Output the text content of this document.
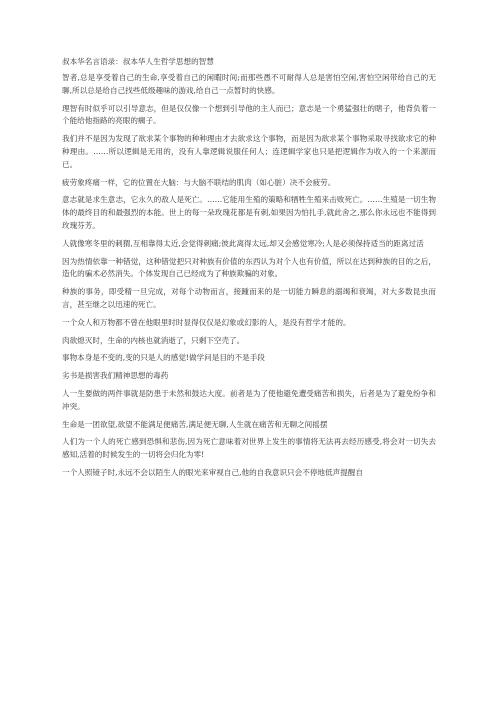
叔本华名言语录：叔本华人生哲学思想的智慧
智者,总是享受着自己的生命,享受着自己的闲暇时间;而那些愚不可耐得人总是害怕空闲,害怕空闲带给自己的无聊,所以总是给自己找些低级趣味的游戏,给自己一点暂时的快感。
理智有时似乎可以引导意志，但是仅仅像一个想到引导他的主人而已；意志是一个勇猛强壮的瞎子，他背负着一个能给他指路的亮眼的瘸子。
我们并不是因为发现了欲求某个事物的种种理由才去欲求这个事物，而是因为欲求某个事物采取寻找欲求它的种种理由。……所以逻辑是无用的，没有人靠逻辑说服任何人；连逻辑学家也只是把逻辑作为收入的一个来源而已。
疲劳象疼痛一样，它的位置在大脑：与大脑不联结的肌肉（如心脏）决不会疲劳。
意志就是求生意志，它永久的敌人是死亡。……它能用生殖的策略和牺牲生殖来击败死亡。……生殖是一切生物体的最终目的和最强烈的本能。世上的每一朵玫瑰花都是有刺,如果因为怕扎手,就此舍之,那么你永远也不能得到玫瑰芬芳。
人就像寒冬里的刺猬,互相靠得太近,会觉得刺痛;彼此离得太远,却又会感觉寒冷;人是必须保持适当的距离过活
因为热情依靠一种错觉，这种错觉把只对种族有价值的东西认为对个人也有价值，所以在达到种族的目的之后，造化的骗术必然消失。个体发现自己已经成为了种族欺骗的对象。
种族的事务，即受精一旦完成，对每个动物而言，接踵而来的是一切能力瞬息的溺竭和衰竭，对大多数昆虫而言，甚至继之以迅速的死亡。
一个众人和万物都不曾在他眼里时时显得仅仅是幻象或幻影的人，是没有哲学才能的。
肉欲熄灭时，生命的内核也就消逝了，只剩下空壳了。
事物本身是不变的,变的只是人的感觉!做学问是目的不是手段
劣书是损害我们精神思想的毒药
人一生要做的两件事就是防患于未然和鼓达大度。前者是为了使他避免遭受痛苦和损失，后者是为了避免纷争和冲突。
生命是一团欲望,欲望不能满足便痛苦,满足便无聊,人生就在痛苦和无聊之间摇摆
人们为一个人的死亡感到恐惧和悲伤,因为死亡意味着对世界上发生的事情将无法再去经历感受,将会对一切失去感知,活着的时候发生的一切将会归化为零!
一个人照镜子时,永远不会以陌生人的眼光来审视自己,他的自我意识只会不停地低声提醒自
